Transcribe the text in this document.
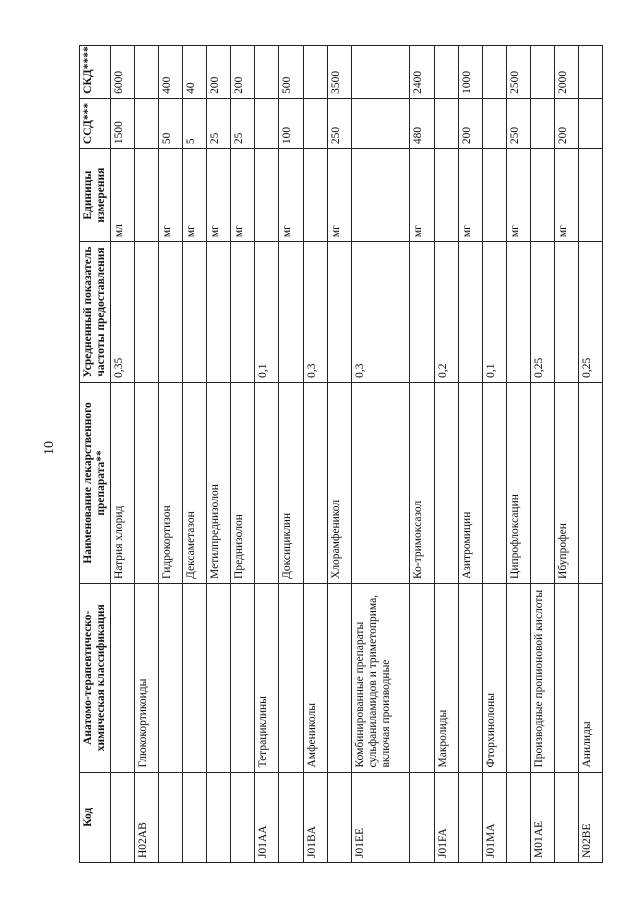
10
Код	Анатомо-терапевтическо-химическая классификация	Наименование лекарственного препарата**	Усредненный показатель частоты предоставления	Единицы измерения	ССД***	СКД****
		Натрия хлорид	0,35	мл	1500	6000
H02AB	Глюкокортикоиды					
		Гидрокортизон		мг	50	400
		Дексаметазон		мг	5	40
		Метилпреднизолон		мг	25	200
		Преднизолон		мг	25	200
J01AA	Тетрациклины		0,1			
		Доксициклин		мг	100	500
J01BA	Амфениколы		0,3			
		Хлорамфеникол		мг	250	3500
J01EE	Комбинированные препараты сульфаниламидов и триметоприма, включая производные		0,3			
		Ко-тримоксазол		мг	480	2400
J01FA	Макролиды		0,2			
		Азитромицин		мг	200	1000
J01MA	Фторхинолоны		0,1			
		Ципрофлоксацин		мг	250	2500
M01AE	Производные пропионовой кислоты		0,25			
		Ибупрофен		мг	200	2000
N02BE	Анилиды		0,25			
